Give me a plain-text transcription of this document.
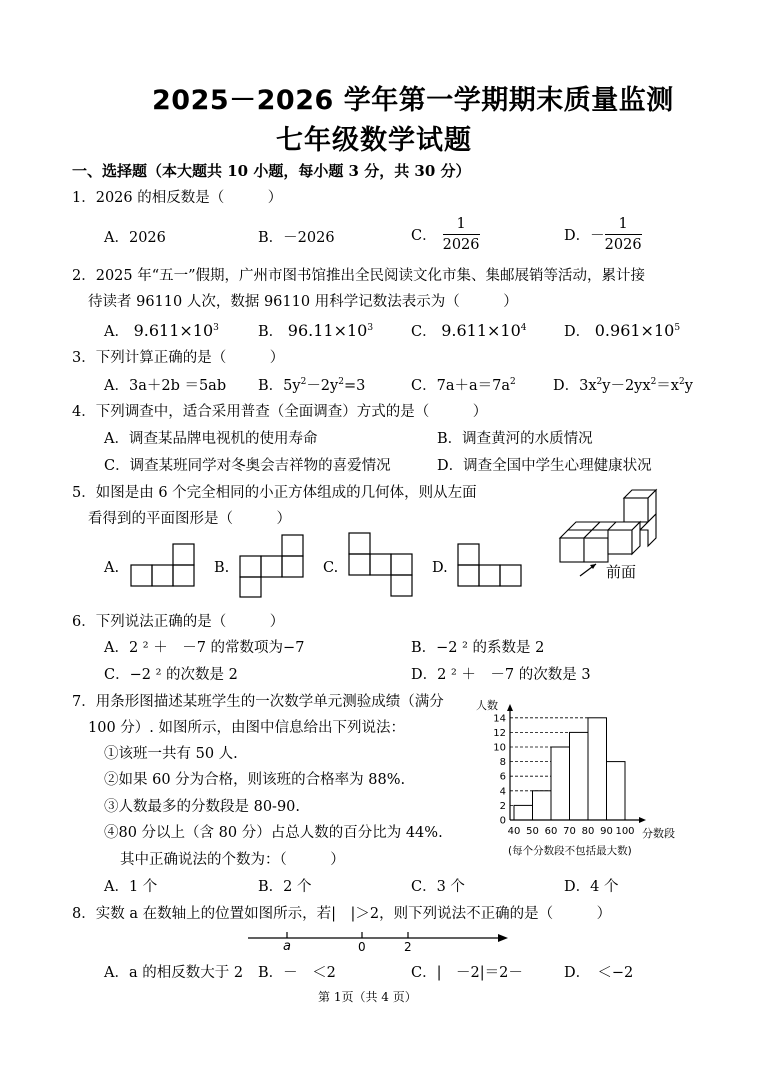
2025－2026 学年第一学期期末质量监测
七年级数学试题
一、选择题（本大题共 10 小题，每小题 3 分，共 30 分）
1．2026 的相反数是（　　　）
A．2026	B．－2026	C． $\frac{1}{2026}$	D．－ $\frac{1}{2026}$
2．2025 年“五一”假期，广州市图书馆推出全民阅读文化市集、集邮展销等活动，累计接
待读者 96110 人次，数据 96110 用科学记数法表示为（　　　）
A． $9.611\times 10^3$	B． $96.11\times 10^3$	C． $9.611\times 10^4$	D． $0.961\times 10^5$
3．下列计算正确的是（　　　）
A．3a＋2b ＝5ab B．$5y^2-2y^2=3$	C．$7a+a=7a^2$	D．$3x^2y-2yx^2=x^2y$
4．下列调查中，适合采用普查（全面调查）方式的是（　　　）
A．调查某品牌电视机的使用寿命	B．调查黄河的水质情况
C．调查某班同学对冬奥会吉祥物的喜爱情况	D．调查全国中学生心理健康状况
5．如图是由 6 个完全相同的小正方体组成的几何体，则从左面
看得到的平面图形是（　　　）
A.	B.	C.	D.	前面
6．下列说法正确的是（　　　）
A．2 ² ＋　－7 的常数项为−7	B．−2 ² 的系数是 2
C．−2 ² 的次数是 2	D．2 ² ＋　－7 的次数是 3
7．用条形图描述某班学生的一次数学单元测验成绩（满分
100 分）. 如图所示，由图中信息给出下列说法：
①该班一共有 50 人.
②如果 60 分为合格，则该班的合格率为 88%.
③人数最多的分数段是 80-90.
④80 分以上（含 80 分）占总人数的百分比为 44%.
其中正确说法的个数为：（　　　）
A．1 个	B．2 个	C．3 个	D．4 个
0
2
4
6
8
10
12
14
40 50 60 70 80 90 100
人数
分数段
(每个分数段不包括最大数)
8．实数 a 在数轴上的位置如图所示，若|　|＞2，则下列说法不正确的是（　　　）
a	0	2
A．a 的相反数大于 2 B．－　＜2	C．|　－2|＝2－	D．　＜−2
第 1页（共 4 页）
